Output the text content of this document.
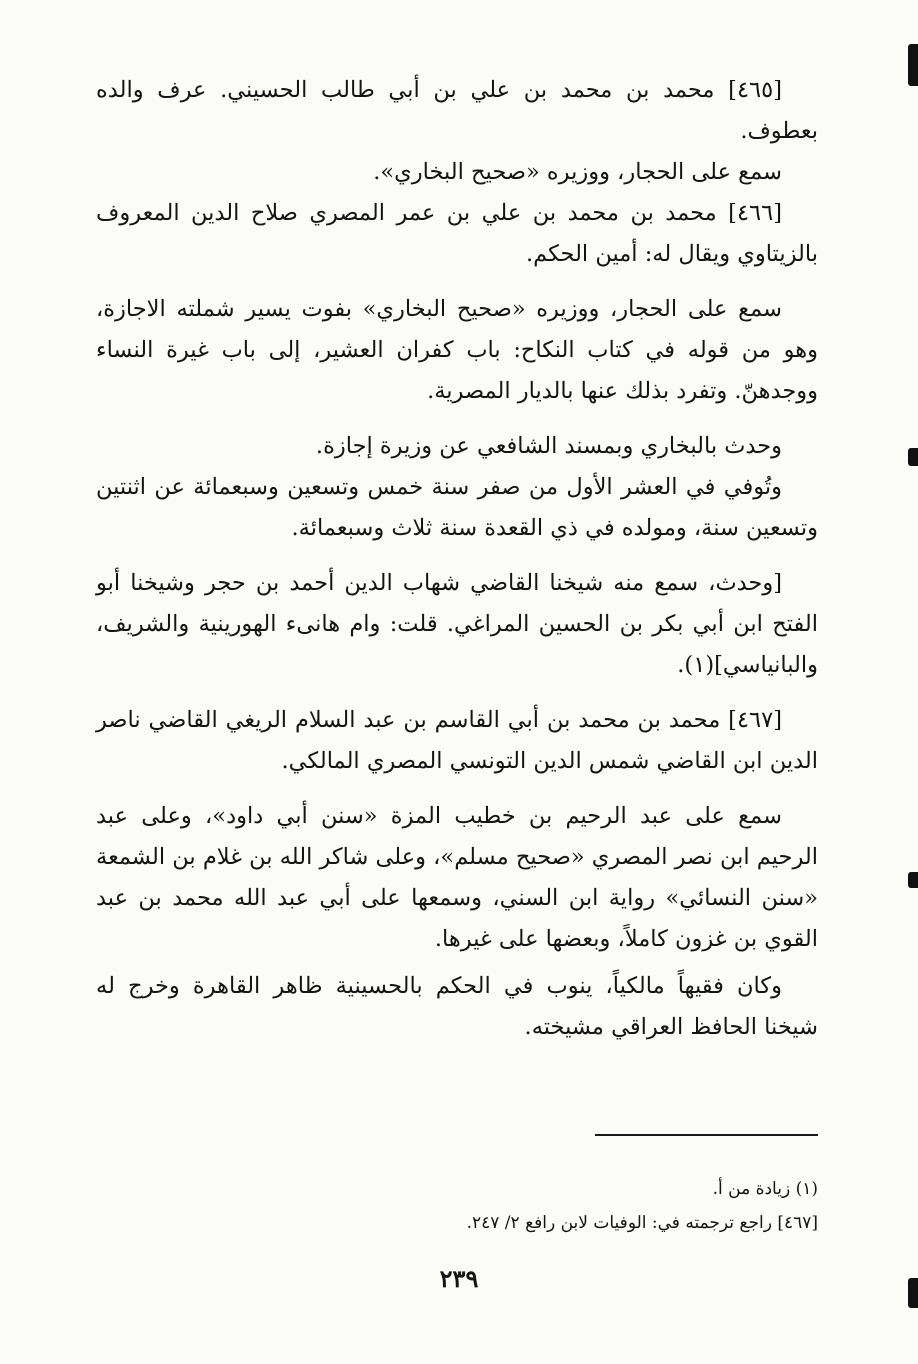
[٤٦٥] محمد بن محمد بن علي بن أبي طالب الحسيني. عرف والده بعطوف.

سمع على الحجار، ووزيره «صحيح البخاري».

[٤٦٦] محمد بن محمد بن علي بن عمر المصري صلاح الدين المعروف بالزيتاوي ويقال له: أمين الحكم.

سمع على الحجار، ووزيره «صحيح البخاري» بفوت يسير شملته الاجازة، وهو من قوله في كتاب النكاح: باب كفران العشير، إلى باب غيرة النساء ووجدهنّ. وتفرد بذلك عنها بالديار المصرية.

وحدث بالبخاري وبمسند الشافعي عن وزيرة إجازة.

وتُوفي في العشر الأول من صفر سنة خمس وتسعين وسبعمائة عن اثنتين وتسعين سنة، ومولده في ذي القعدة سنة ثلاث وسبعمائة.

[وحدث، سمع منه شيخنا القاضي شهاب الدين أحمد بن حجر وشيخنا أبو الفتح ابن أبي بكر بن الحسين المراغي. قلت: وام هانىء الهورينية والشريف، والبانياسي](١).

[٤٦٧] محمد بن محمد بن أبي القاسم بن عبد السلام الريغي القاضي ناصر الدين ابن القاضي شمس الدين التونسي المصري المالكي.

سمع على عبد الرحيم بن خطيب المزة «سنن أبي داود»، وعلى عبد الرحيم ابن نصر المصري «صحيح مسلم»، وعلى شاكر الله بن غلام بن الشمعة «سنن النسائي» رواية ابن السني، وسمعها على أبي عبد الله محمد بن عبد القوي بن غزون كاملاً، وبعضها على غيرها.

وكان فقيهاً مالكياً، ينوب في الحكم بالحسينية ظاهر القاهرة وخرج له شيخنا الحافظ العراقي مشيخته.

(١) زيادة من أ.

[٤٦٧] راجع ترجمته في: الوفيات لابن رافع ٢/ ٢٤٧.

٢٣٩
